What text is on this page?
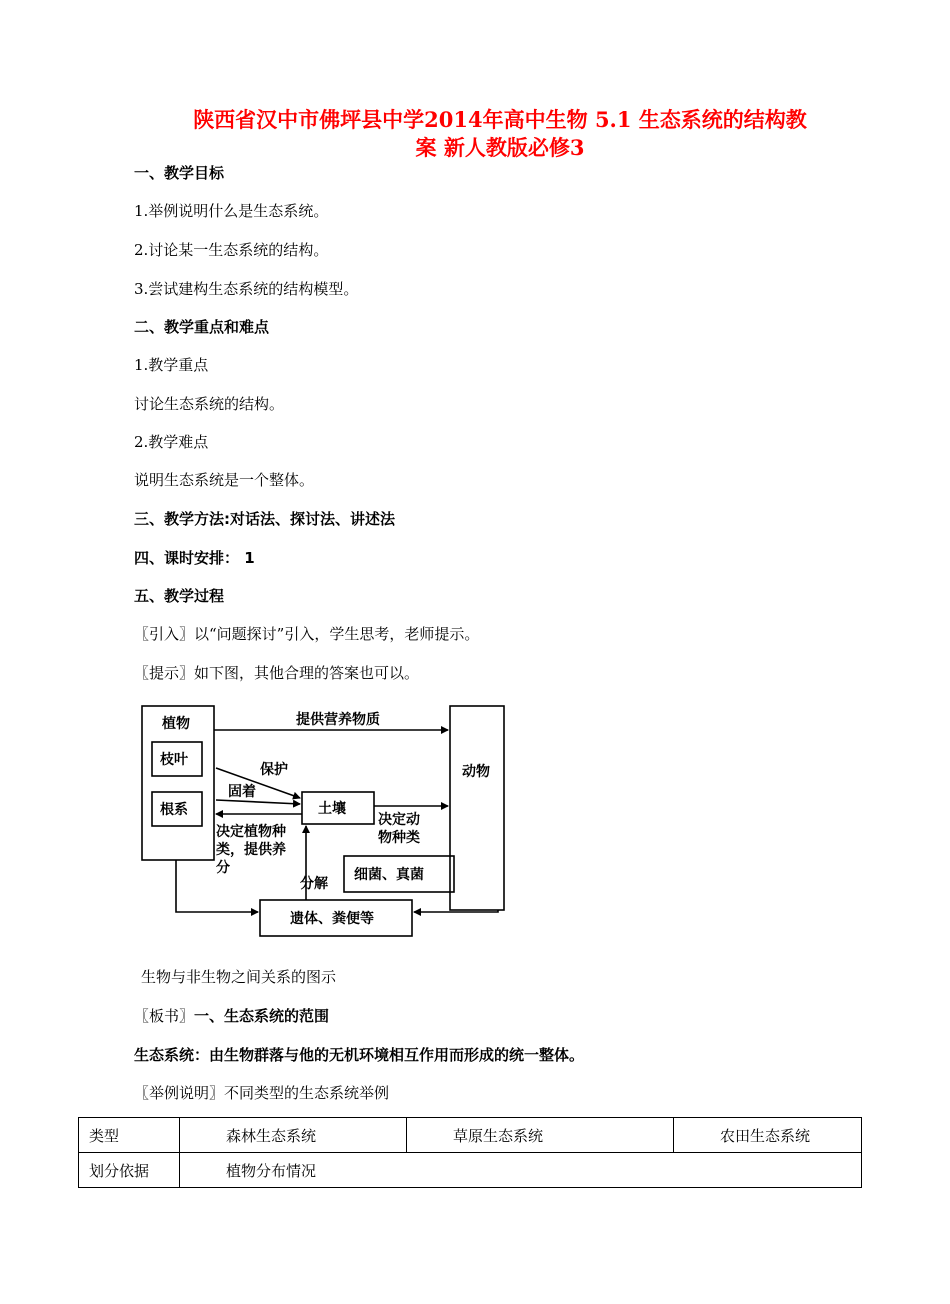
陕西省汉中市佛坪县中学2014年高中生物 5.1 生态系统的结构教
案 新人教版必修3
一、教学目标
1.举例说明什么是生态系统。
2.讨论某一生态系统的结构。
3.尝试建构生态系统的结构模型。
二、教学重点和难点
1.教学重点
讨论生态系统的结构。
2.教学难点
说明生态系统是一个整体。
三、教学方法:对话法、探讨法、讲述法
四、课时安排： 1
五、教学过程
〖引入〗以“问题探讨”引入，学生思考，老师提示。
〖提示〗如下图，其他合理的答案也可以。
植物
枝叶
根系
动物
土壤
细菌、真菌
遗体、粪便等
提供营养物质
保护
固着
决定植物种
类，提供养
分
决定动
物种类
分解
生物与非生物之间关系的图示
〖板书〗一、生态系统的范围
生态系统：由生物群落与他的无机环境相互作用而形成的统一整体。
〖举例说明〗不同类型的生态系统举例
类型	森林生态系统	草原生态系统	农田生态系统
划分依据	植物分布情况		
